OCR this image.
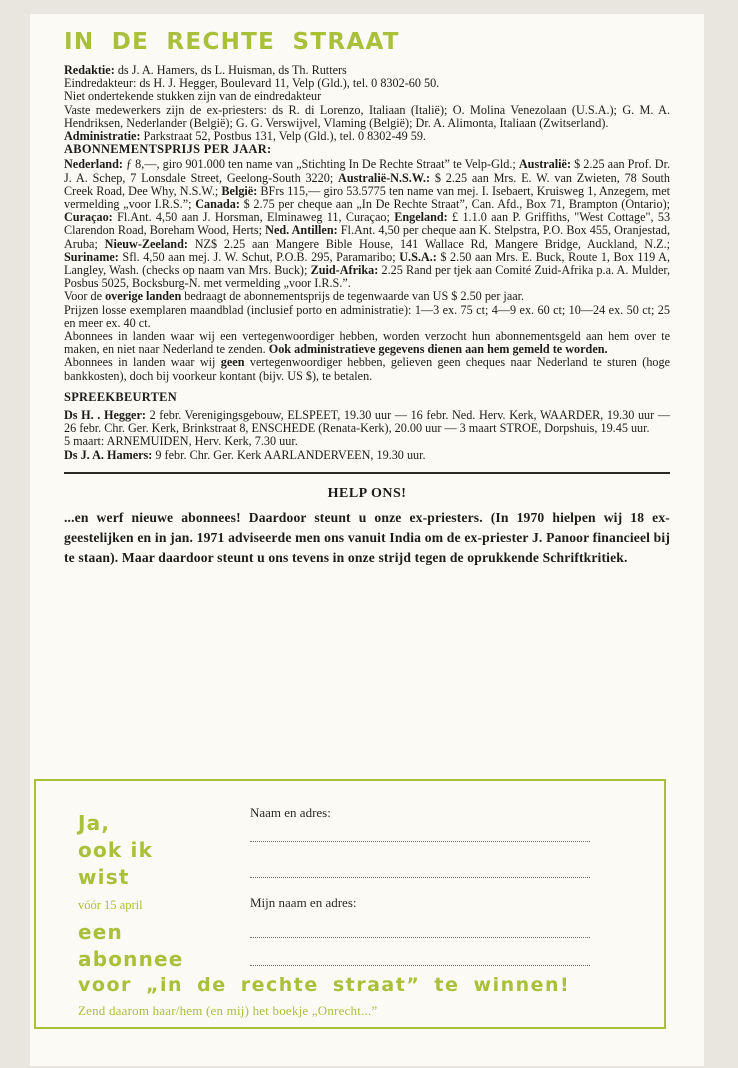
IN DE RECHTE STRAAT

Redaktie: ds J. A. Hamers, ds L. Huisman, ds Th. Rutters

Eindredakteur: ds H. J. Hegger, Boulevard 11, Velp (Gld.), tel. 0 8302-60 50.

Niet ondertekende stukken zijn van de eindredakteur

Vaste medewerkers zijn de ex-priesters: ds R. di Lorenzo, Italiaan (Italië); O. Molina Venezolaan (U.S.A.); G. M. A. Hendriksen, Nederlander (België); G. G. Verswijvel, Vlaming (België); Dr. A. Alimonta, Italiaan (Zwitserland).

Administratie: Parkstraat 52, Postbus 131, Velp (Gld.), tel. 0 8302-49 59.

ABONNEMENTSPRIJS PER JAAR:

Nederland: ƒ 8,—, giro 901.000 ten name van „Stichting In De Rechte Straat” te Velp-Gld.; Australië: $ 2.25 aan Prof. Dr. J. A. Schep, 7 Lonsdale Street, Geelong-South 3220; Australië-N.S.W.: $ 2.25 aan Mrs. E. W. van Zwieten, 78 South Creek Road, Dee Why, N.S.W.; België: BFrs 115,— giro 53.5775 ten name van mej. I. Isebaert, Kruisweg 1, Anzegem, met vermelding „voor I.R.S.”; Canada: $ 2.75 per cheque aan „In De Rechte Straat”, Can. Afd., Box 71, Brampton (Ontario); Curaçao: Fl.Ant. 4,50 aan J. Horsman, Elminaweg 11, Curaçao; Engeland: £ 1.1.0 aan P. Griffiths, "West Cottage", 53 Clarendon Road, Boreham Wood, Herts; Ned. Antillen: Fl.Ant. 4,50 per cheque aan K. Stelpstra, P.O. Box 455, Oranjestad, Aruba; Nieuw-Zeeland: NZ$ 2.25 aan Mangere Bible House, 141 Wallace Rd, Mangere Bridge, Auckland, N.Z.; Suriname: Sfl. 4,50 aan mej. J. W. Schut, P.O.B. 295, Paramaribo; U.S.A.: $ 2.50 aan Mrs. E. Buck, Route 1, Box 119 A, Langley, Wash. (checks op naam van Mrs. Buck); Zuid-Afrika: 2.25 Rand per tjek aan Comité Zuid-Afrika p.a. A. Mulder, Posbus 5025, Bocksburg-N. met vermelding „voor I.R.S.”.

Voor de overige landen bedraagt de abonnementsprijs de tegenwaarde van US $ 2.50 per jaar.

Prijzen losse exemplaren maandblad (inclusief porto en administratie): 1—3 ex. 75 ct; 4—9 ex. 60 ct; 10—24 ex. 50 ct; 25 en meer ex. 40 ct.

Abonnees in landen waar wij een vertegenwoordiger hebben, worden verzocht hun abonnementsgeld aan hem over te maken, en niet naar Nederland te zenden. Ook administratieve gegevens dienen aan hem gemeld te worden.

Abonnees in landen waar wij geen vertegenwoordiger hebben, gelieven geen cheques naar Nederland te sturen (hoge bankkosten), doch bij voorkeur kontant (bijv. US $), te betalen.

SPREEKBEURTEN

Ds H. . Hegger: 2 febr. Verenigingsgebouw, ELSPEET, 19.30 uur — 16 febr. Ned. Herv. Kerk, WAARDER, 19.30 uur — 26 febr. Chr. Ger. Kerk, Brinkstraat 8, ENSCHEDE (Renata-Kerk), 20.00 uur — 3 maart STROE, Dorpshuis, 19.45 uur.

5 maart: ARNEMUIDEN, Herv. Kerk, 7.30 uur.

Ds J. A. Hamers: 9 febr. Chr. Ger. Kerk AARLANDERVEEN, 19.30 uur.

HELP ONS!
...en werf nieuwe abonnees! Daardoor steunt u onze ex-priesters. (In 1970 hielpen wij 18 ex-geestelijken en in jan. 1971 adviseerde men ons vanuit India om de ex-priester J. Panoor financieel bij te staan). Maar daardoor steunt u ons tevens in onze strijd tegen de oprukkende Schriftkritiek.
Ja,
ook ik
wist
vóór 15 april
een
abonnee
voor „in de rechte straat” te winnen!
Zend daarom haar/hem (en mij) het boekje „Onrecht...”
Naam en adres:
Mijn naam en adres:
